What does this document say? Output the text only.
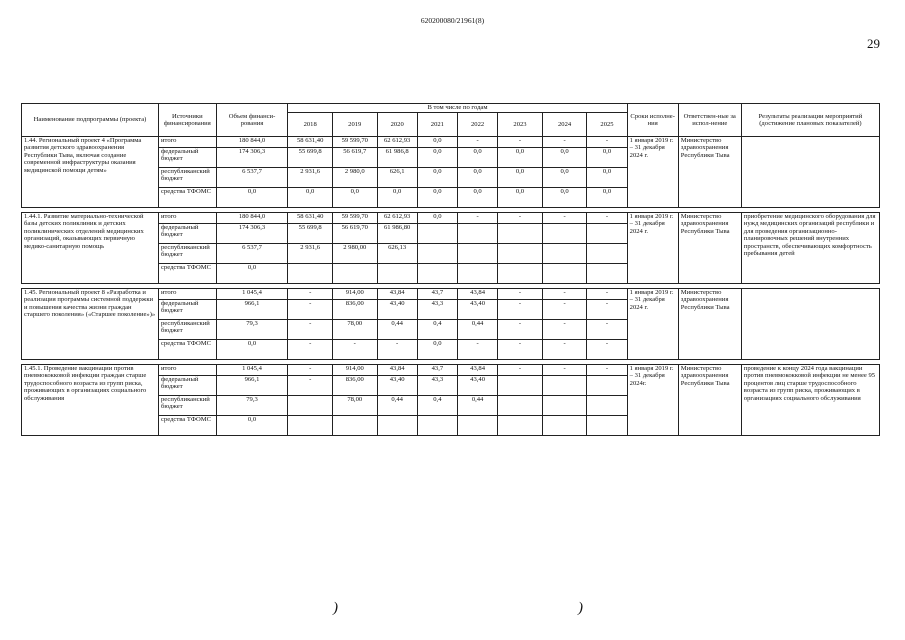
620200080/21961(8)
29
Наименование подпрограммы (проекта)	Источники финансирования	Объем финанси-рования	В том числе по годам								Сроки исполне-ния	Ответствен-ные за испол-нение	Результаты реализации мероприятий (достижение плановых показателей)
			2018	2019	2020	2021	2022	2023	2024	2025			
1.44. Региональный проект 4 «Программа развития детского здравоохранения Республики Тыва, включая создание современной инфраструктуры оказания медицинской помощи детям»	итого	180 844,0	58 631,40	59 599,70	62 612,93	0,0	-	-	-	-	1 января 2019 г. – 31 декабря 2024 г.	Министерство здравоохранения Республики Тыва	
	федеральный бюджет	174 306,3	55 699,8	56 619,7	61 986,8	0,0	0,0	0,0	0,0	0,0			
	республиканский бюджет	6 537,7	2 931,6	2 980,0	626,1	0,0	0,0	0,0	0,0	0,0			
	средства ТФОМС	0,0	0,0	0,0	0,0	0,0	0,0	0,0	0,0	0,0			

1.44.1. Развитие материально-технической базы детских поликлиник и детских поликлинических отделений медицинских организаций, оказывающих первичную медико-санитарную помощь	итого	180 844,0	58 631,40	59 599,70	62 612,93	0,0	-	-	-	-	1 января 2019 г. – 31 декабря 2024 г.	Министерство здравоохранения Республики Тыва	приобретение медицинского оборудования для нужд медицинских организаций республики и для проведения организационно-планировочных решений внутренних пространств, обеспечивающих комфортность пребывания детей
	федеральный бюджет	174 306,3	55 699,8	56 619,70	61 986,80								
	республиканский бюджет	6 537,7	2 931,6	2 980,00	626,13								
	средства ТФОМС	0,0											

1.45. Региональный проект 8 «Разработка и реализация программы системной поддержки и повышения качества жизни граждан старшего поколения» («Старшее поколение»)»	итого	1 045,4	-	914,00	43,84	43,7	43,84	-	-	-	1 января 2019 г. – 31 декабря 2024 г.	Министерство здравоохранения Республики Тыва	
	федеральный бюджет	966,1	-	836,00	43,40	43,3	43,40	-	-	-			
	республиканский бюджет	79,3	-	78,00	0,44	0,4	0,44	-	-	-			
	средства ТФОМС	0,0	-	-	-	0,0	-	-	-	-			

1.45.1. Проведение вакцинации против пневмококковой инфекции граждан старше трудоспособного возраста из групп риска, проживающих в организациях социального обслуживания	итого	1 045,4	-	914,00	43,84	43,7	43,84	-	-	-	1 января 2019 г. – 31 декабря 2024г.	Министерство здравоохранения Республики Тыва	проведение к концу 2024 года вакцинации против пневмококковой инфекции не менее 95 процентов лиц старше трудоспособного возраста из групп риска, проживающих в организациях социального обслуживания
	федеральный бюджет	966,1	-	836,00	43,40	43,3	43,40						
	республиканский бюджет	79,3		78,00	0,44	0,4	0,44						
	средства ТФОМС	0,0											
)	)
